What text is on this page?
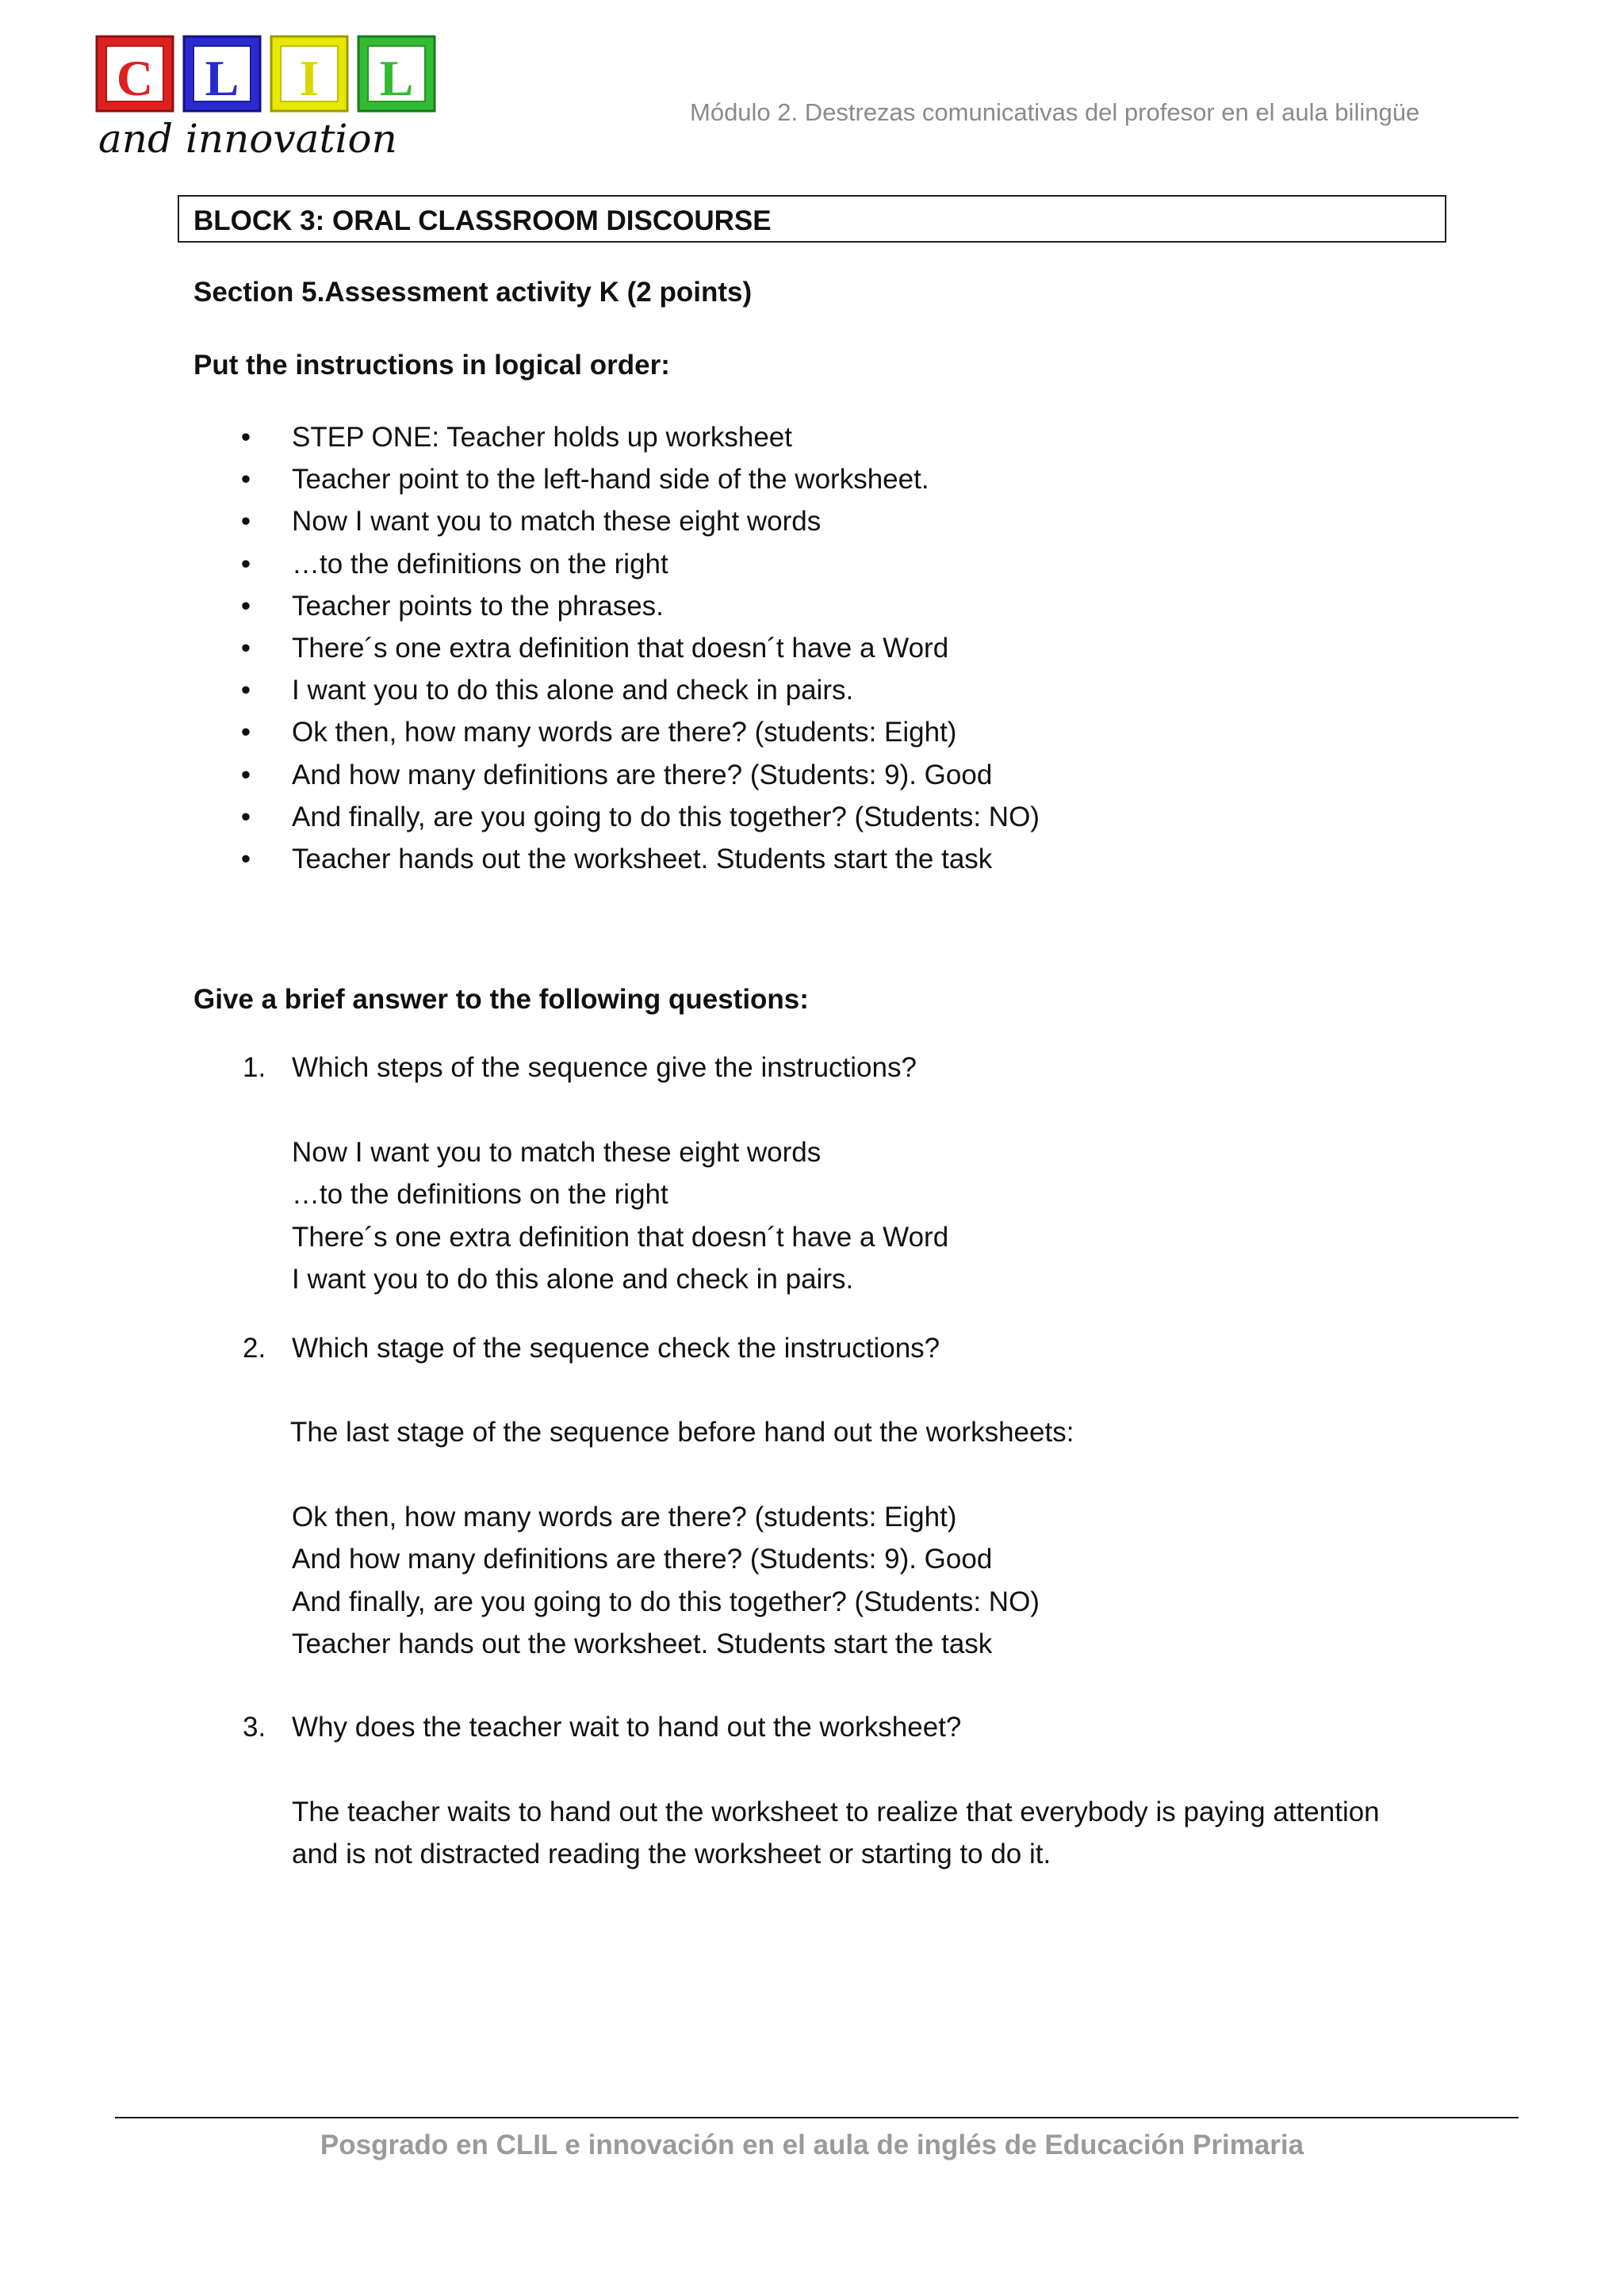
C L I L
and innovation
Módulo 2. Destrezas comunicativas del profesor en el aula bilingüe
BLOCK 3: ORAL CLASSROOM DISCOURSE
Section 5.Assessment activity K (2 points)
Put the instructions in logical order:
• STEP ONE: Teacher holds up worksheet
• Teacher point to the left-hand side of the worksheet.
• Now I want you to match these eight words
• …to the definitions on the right
• Teacher points to the phrases.
• There´s one extra definition that doesn´t have a Word
• I want you to do this alone and check in pairs.
• Ok then, how many words are there? (students: Eight)
• And how many definitions are there? (Students: 9). Good
• And finally, are you going to do this together? (Students: NO)
• Teacher hands out the worksheet. Students start the task
Give a brief answer to the following questions:
1. Which steps of the sequence give the instructions?
Now I want you to match these eight words
…to the definitions on the right
There´s one extra definition that doesn´t have a Word
I want you to do this alone and check in pairs.
2. Which stage of the sequence check the instructions?
The last stage of the sequence before hand out the worksheets:
Ok then, how many words are there? (students: Eight)
And how many definitions are there? (Students: 9). Good
And finally, are you going to do this together? (Students: NO)
Teacher hands out the worksheet. Students start the task
3. Why does the teacher wait to hand out the worksheet?
The teacher waits to hand out the worksheet to realize that everybody is paying attention
and is not distracted reading the worksheet or starting to do it.
Posgrado en CLIL e innovación en el aula de inglés de Educación Primaria
